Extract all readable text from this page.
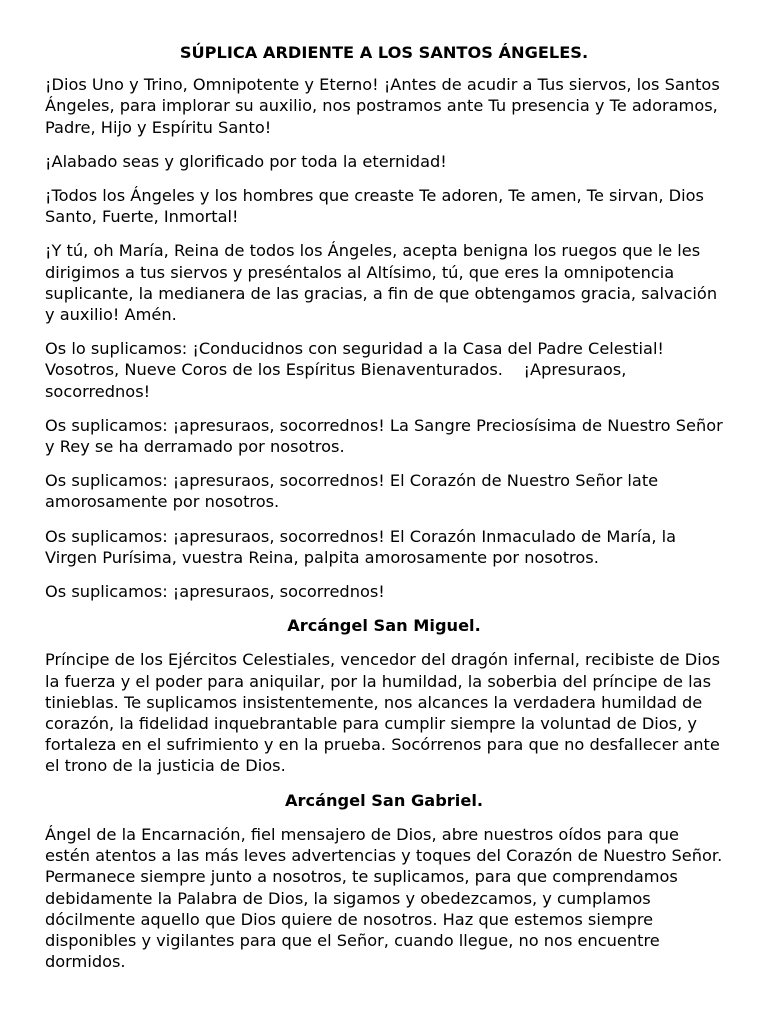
SÚPLICA ARDIENTE A LOS SANTOS ÁNGELES.

¡Dios Uno y Trino, Omnipotente y Eterno! ¡Antes de acudir a Tus siervos, los Santos Ángeles, para implorar su auxilio, nos postramos ante Tu presencia y Te adoramos, Padre, Hijo y Espíritu Santo!

¡Alabado seas y glorificado por toda la eternidad!

¡Todos los Ángeles y los hombres que creaste Te adoren, Te amen, Te sirvan, Dios Santo, Fuerte, Inmortal!

¡Y tú, oh María, Reina de todos los Ángeles, acepta benigna los ruegos que le les dirigimos a tus siervos y preséntalos al Altísimo, tú, que eres la omnipotencia suplicante, la medianera de las gracias, a fin de que obtengamos gracia, salvación y auxilio! Amén.

Os lo suplicamos: ¡Conducidnos con seguridad a la Casa del Padre Celestial! Vosotros, Nueve Coros de los Espíritus Bienaventurados.    ¡Apresuraos, socorrednos!

Os suplicamos: ¡apresuraos, socorrednos! La Sangre Preciosísima de Nuestro Señor y Rey se ha derramado por nosotros.

Os suplicamos: ¡apresuraos, socorrednos! El Corazón de Nuestro Señor late amorosamente por nosotros.

Os suplicamos: ¡apresuraos, socorrednos! El Corazón Inmaculado de María, la Virgen Purísima, vuestra Reina, palpita amorosamente por nosotros.

Os suplicamos: ¡apresuraos, socorrednos!

Arcángel San Miguel.

Príncipe de los Ejércitos Celestiales, vencedor del dragón infernal, recibiste de Dios la fuerza y el poder para aniquilar, por la humildad, la soberbia del príncipe de las tinieblas. Te suplicamos insistentemente, nos alcances la verdadera humildad de corazón, la fidelidad inquebrantable para cumplir siempre la voluntad de Dios, y fortaleza en el sufrimiento y en la prueba. Socórrenos para que no desfallecer ante el trono de la justicia de Dios.

Arcángel San Gabriel.

Ángel de la Encarnación, fiel mensajero de Dios, abre nuestros oídos para que estén atentos a las más leves advertencias y toques del Corazón de Nuestro Señor. Permanece siempre junto a nosotros, te suplicamos, para que comprendamos debidamente la Palabra de Dios, la sigamos y obedezcamos, y cumplamos dócilmente aquello que Dios quiere de nosotros. Haz que estemos siempre disponibles y vigilantes para que el Señor, cuando llegue, no nos encuentre dormidos.
